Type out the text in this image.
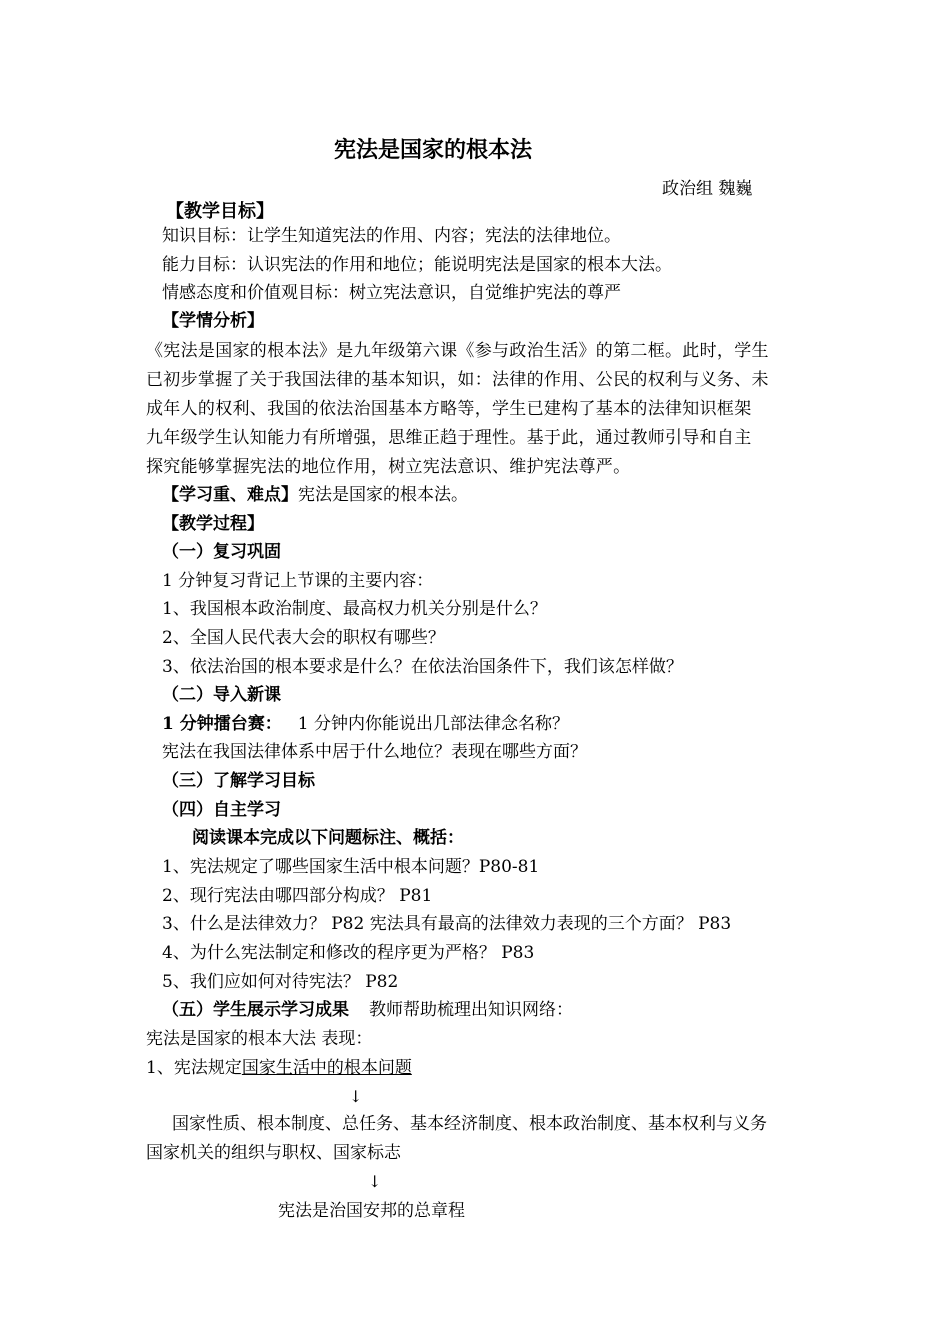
宪法是国家的根本法
政治组 魏巍
【教学目标】
知识目标：让学生知道宪法的作用、内容；宪法的法律地位。
能力目标：认识宪法的作用和地位；能说明宪法是国家的根本大法。
情感态度和价值观目标：树立宪法意识，自觉维护宪法的尊严
【学情分析】
《宪法是国家的根本法》是九年级第六课《参与政治生活》的第二框。此时，学生
已初步掌握了关于我国法律的基本知识，如：法律的作用、公民的权利与义务、未
成年人的权利、我国的依法治国基本方略等，学生已建构了基本的法律知识框架
九年级学生认知能力有所增强，思维正趋于理性。基于此，通过教师引导和自主
探究能够掌握宪法的地位作用，树立宪法意识、维护宪法尊严。
【学习重、难点】宪法是国家的根本法。
【教学过程】
（一）复习巩固
1 分钟复习背记上节课的主要内容：
1、我国根本政治制度、最高权力机关分别是什么？
2、全国人民代表大会的职权有哪些？
3、依法治国的根本要求是什么？在依法治国条件下，我们该怎样做？
（二）导入新课
1 分钟擂台赛： 1 分钟内你能说出几部法律念名称？
宪法在我国法律体系中居于什么地位？表现在哪些方面？
（三）了解学习目标
（四）自主学习
阅读课本完成以下问题标注、概括：
1、宪法规定了哪些国家生活中根本问题？P80-81
2、现行宪法由哪四部分构成？ P81
3、什么是法律效力？ P82 宪法具有最高的法律效力表现的三个方面？ P83
4、为什么宪法制定和修改的程序更为严格？ P83
5、我们应如何对待宪法？ P82
（五）学生展示学习成果 教师帮助梳理出知识网络：
宪法是国家的根本大法 表现：
1、宪法规定国家生活中的根本问题
↓
国家性质、根本制度、总任务、基本经济制度、根本政治制度、基本权利与义务
国家机关的组织与职权、国家标志
↓
宪法是治国安邦的总章程
